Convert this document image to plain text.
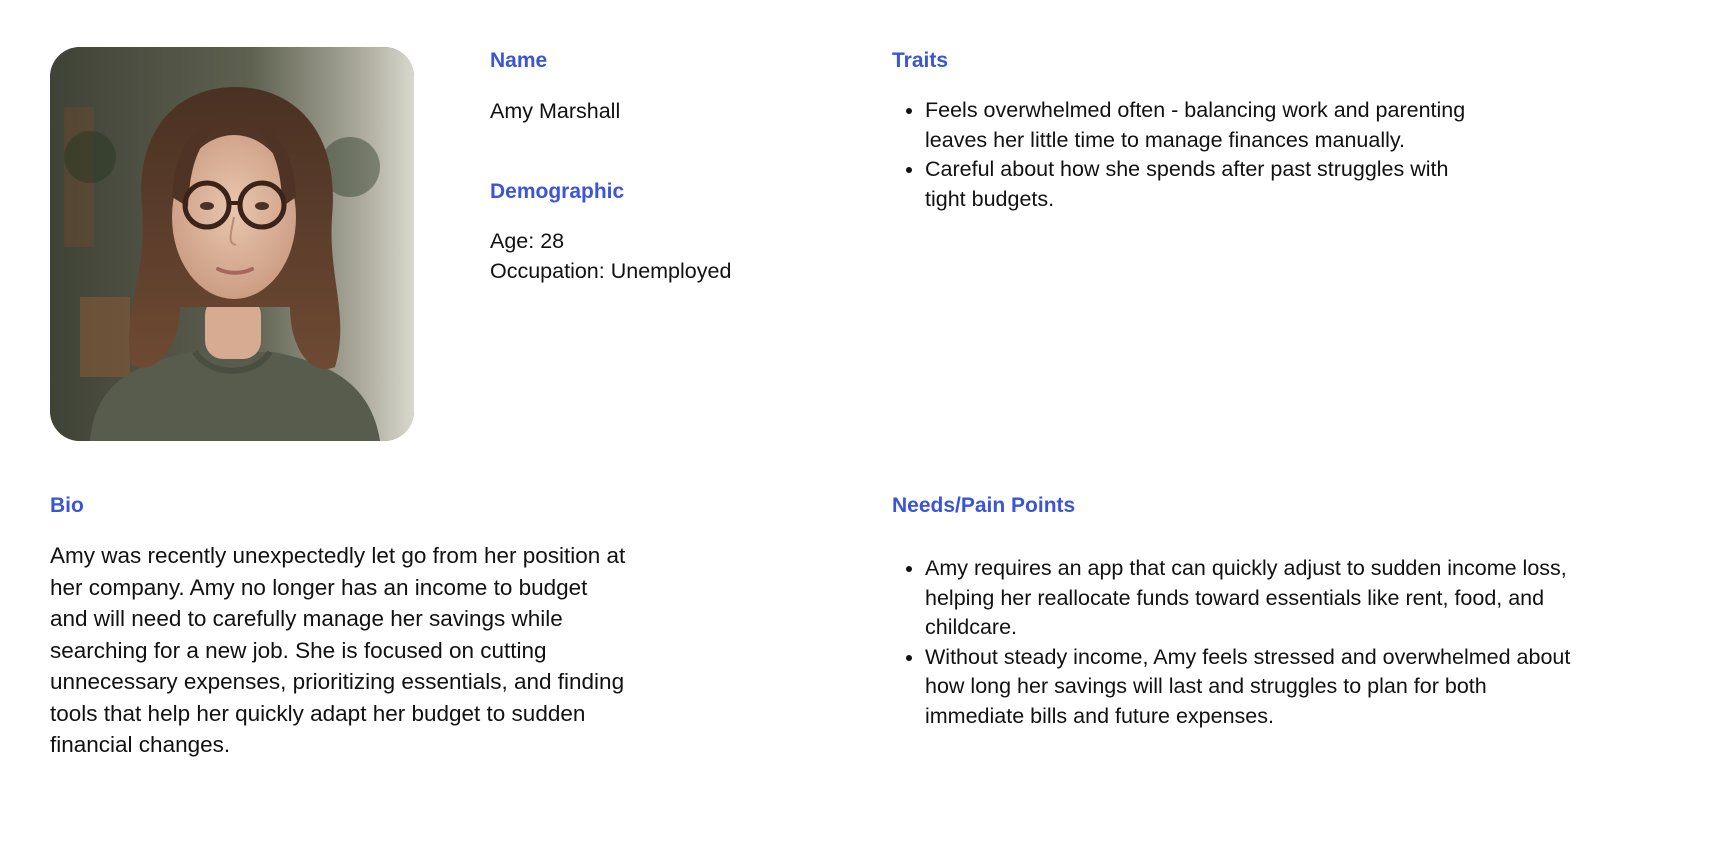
Name

Amy Marshall

Demographic

Age: 28

Occupation: Unemployed

Traits
• Feels overwhelmed often - balancing work and parenting leaves her little time to manage finances manually.
• Careful about how she spends after past struggles with tight budgets.
Bio

Amy was recently unexpectedly let go from her position at her company. Amy no longer has an income to budget and will need to carefully manage her savings while searching for a new job. She is focused on cutting unnecessary expenses, prioritizing essentials, and finding tools that help her quickly adapt her budget to sudden financial changes.

Needs/Pain Points
• Amy requires an app that can quickly adjust to sudden income loss, helping her reallocate funds toward essentials like rent, food, and childcare.
• Without steady income, Amy feels stressed and overwhelmed about how long her savings will last and struggles to plan for both immediate bills and future expenses.
